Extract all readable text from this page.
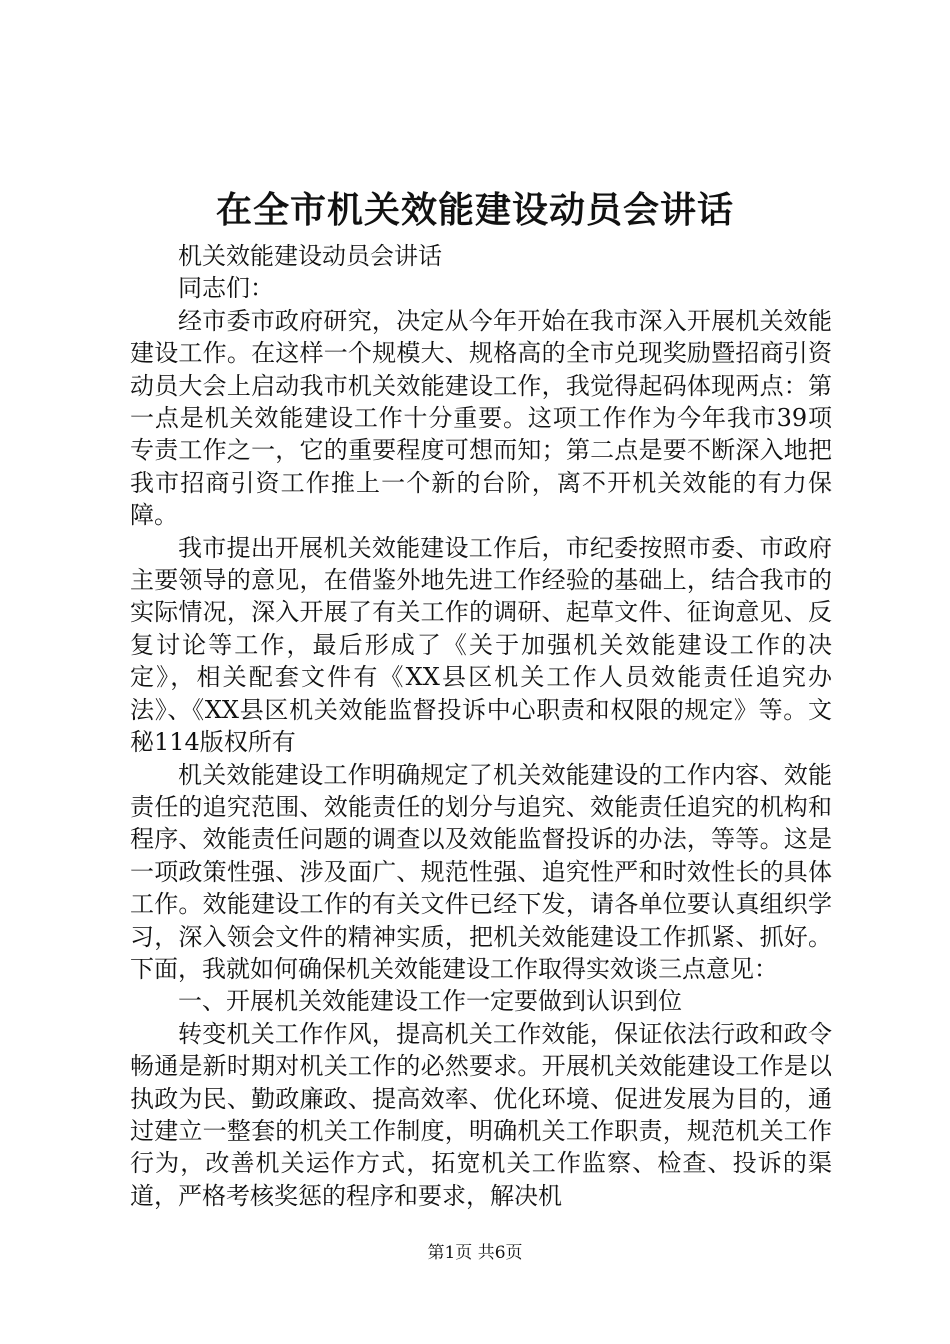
在全市机关效能建设动员会讲话

机关效能建设动员会讲话

同志们：

经市委市政府研究，决定从今年开始在我市深入开展机关效能建设工作。在这样一个规模大、规格高的全市兑现奖励暨招商引资动员大会上启动我市机关效能建设工作，我觉得起码体现两点：第一点是机关效能建设工作十分重要。这项工作作为今年我市39项专责工作之一，它的重要程度可想而知；第二点是要不断深入地把我市招商引资工作推上一个新的台阶，离不开机关效能的有力保障。

我市提出开展机关效能建设工作后，市纪委按照市委、市政府主要领导的意见，在借鉴外地先进工作经验的基础上，结合我市的实际情况，深入开展了有关工作的调研、起草文件、征询意见、反复讨论等工作，最后形成了《关于加强机关效能建设工作的决定》，相关配套文件有《XX县区机关工作人员效能责任追究办法》、《XX县区机关效能监督投诉中心职责和权限的规定》等。文秘114版权所有

机关效能建设工作明确规定了机关效能建设的工作内容、效能责任的追究范围、效能责任的划分与追究、效能责任追究的机构和程序、效能责任问题的调查以及效能监督投诉的办法，等等。这是一项政策性强、涉及面广、规范性强、追究性严和时效性长的具体工作。效能建设工作的有关文件已经下发，请各单位要认真组织学习，深入领会文件的精神实质，把机关效能建设工作抓紧、抓好。下面，我就如何确保机关效能建设工作取得实效谈三点意见：

一、开展机关效能建设工作一定要做到认识到位

转变机关工作作风，提高机关工作效能，保证依法行政和政令畅通是新时期对机关工作的必然要求。开展机关效能建设工作是以执政为民、勤政廉政、提高效率、优化环境、促进发展为目的，通过建立一整套的机关工作制度，明确机关工作职责，规范机关工作行为，改善机关运作方式，拓宽机关工作监察、检查、投诉的渠道，严格考核奖惩的程序和要求，解决机

第1页 共6页
